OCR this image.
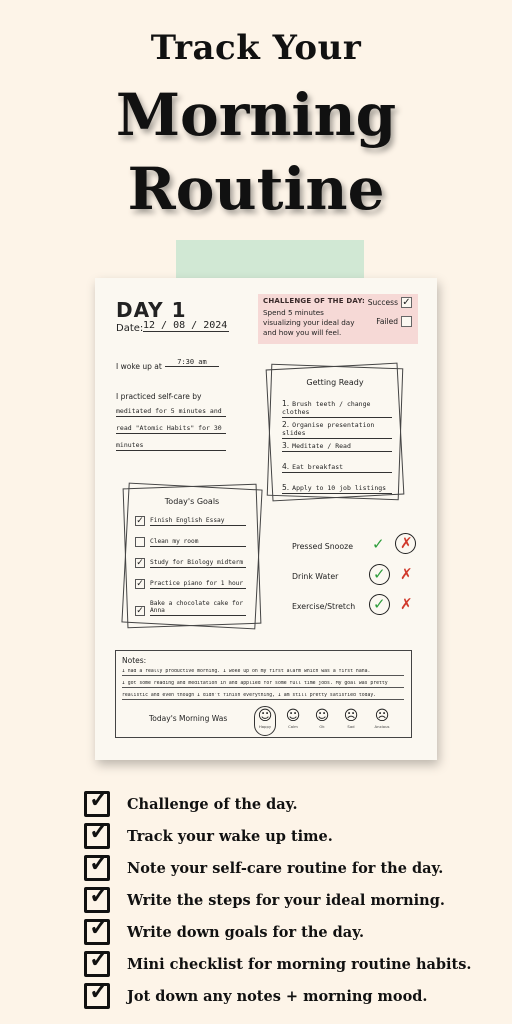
Track Your
Morning
Routine
DAY 1
Date: 12 / 08 / 2024
CHALLENGE OF THE DAY:
Spend 5 minutes visualizing your ideal day and how you will feel.
Success ✓
Failed
I woke up at	7:30 am
I practiced self-care by
meditated for 5 minutes and
read "Atomic Habits" for 30
minutes
Getting Ready
1. Brush teeth / change clothes
2. Organise presentation slides
3. Meditate / Read
4. Eat breakfast
5. Apply to 10 job listings
Today's Goals
✓ Finish English Essay
Clean my room
✓ Study for Biology midterm
✓ Practice piano for 1 hour
✓
Bake a chocolate cake for Anna
Pressed Snooze
Drink Water
Exercise/Stretch
✓ ✗
✓ ✗
✓ ✗
Notes:
I had a really productive morning. I woke up on my first alarm which was a first haha.
I got some reading and meditation in and applied for some full time jobs. My goal was pretty
realistic and even though I didn't finish everything, I am still pretty satisfied today.
Today's Morning Was ☺
Happy
☺
Calm
☺
Ok
☹
Sad
☹
Anxious
✓ Challenge of the day.
✓ Track your wake up time.
✓ Note your self-care routine for the day.
✓ Write the steps for your ideal morning.
✓ Write down goals for the day.
✓ Mini checklist for morning routine habits.
✓ Jot down any notes + morning mood.
